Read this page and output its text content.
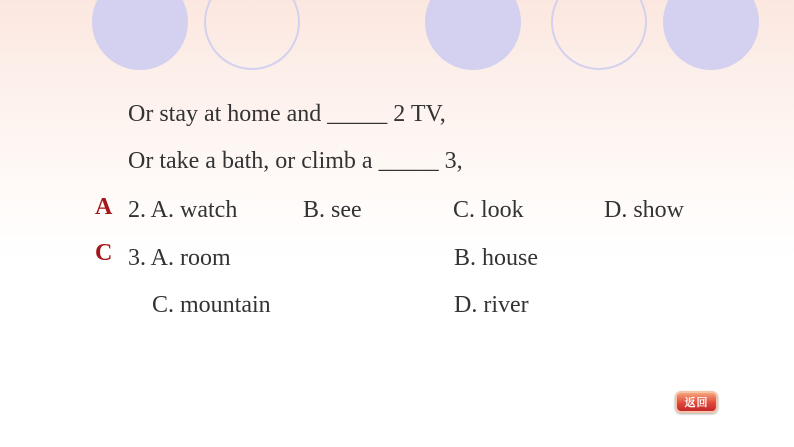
Or stay at home and _____ 2 TV,
Or take a bath, or climb a _____ 3,
A 2. A. watch	B. see	C. look	D. show
C 3. A. room	B. house
C. mountain	D. river
返回
